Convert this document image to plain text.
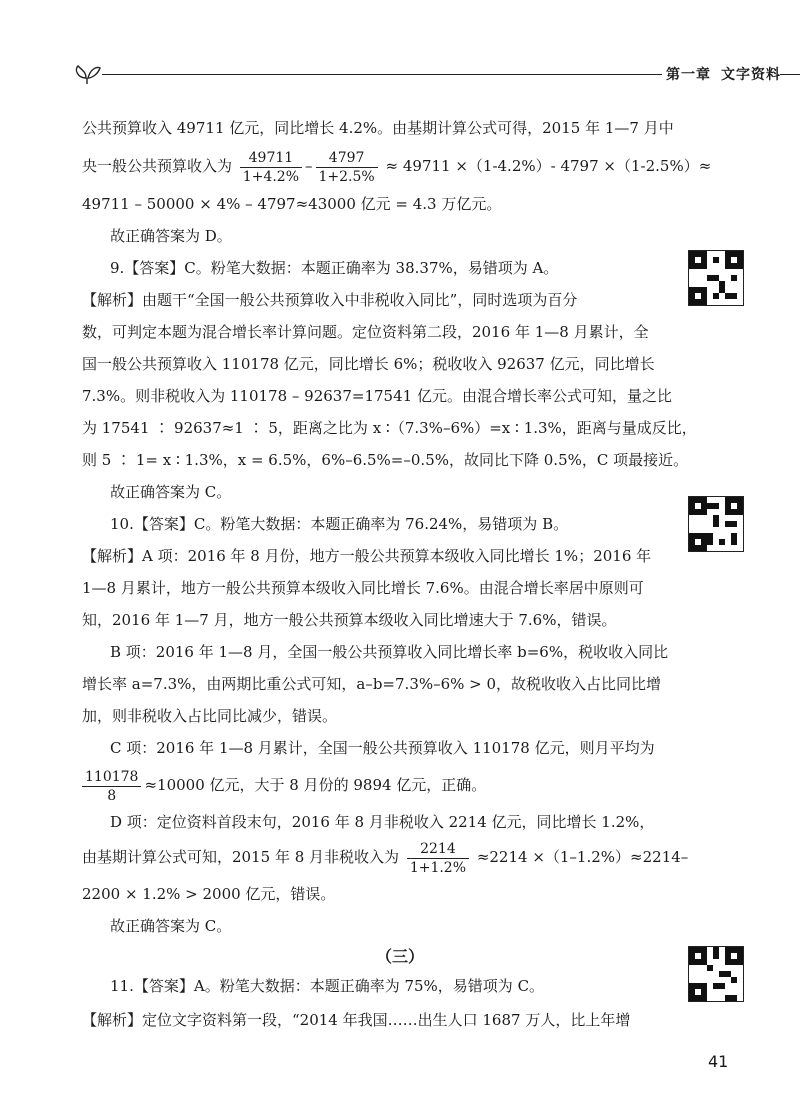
第一章 文字资料
公共预算收入 49711 亿元，同比增长 4.2%。由基期计算公式可得，2015 年 1—7 月中
央一般公共预算收入为 $\frac{49711}{1+4.2\%} - \frac{4797}{1+2.5\%} \approx 49711 \times(1-4.2\%)-$ 4797 ×（1-2.5%）≈
49711 – 50000 × 4% – 4797≈43000 亿元 = 4.3 万亿元。
故正确答案为 D。
9.【答案】C。粉笔大数据：本题正确率为 38.37%，易错项为 A。
【解析】由题干“全国一般公共预算收入中非税收入同比”，同时选项为百分
数，可判定本题为混合增长率计算问题。定位资料第二段，2016 年 1—8 月累计，全
国一般公共预算收入 110178 亿元，同比增长 6%；税收收入 92637 亿元，同比增长
7.3%。则非税收入为 110178 – 92637=17541 亿元。由混合增长率公式可知，量之比
为 17541 ∶ 92637≈1 ∶ 5，距离之比为 x ∶（7.3%–6%）=x ∶ 1.3%，距离与量成反比，
则 5 ∶ 1= x ∶ 1.3%，x = 6.5%，6%–6.5%=–0.5%，故同比下降 0.5%，C 项最接近。
故正确答案为 C。
10.【答案】C。粉笔大数据：本题正确率为 76.24%，易错项为 B。
【解析】A 项：2016 年 8 月份，地方一般公共预算本级收入同比增长 1%；2016 年
1—8 月累计，地方一般公共预算本级收入同比增长 7.6%。由混合增长率居中原则可
知，2016 年 1—7 月，地方一般公共预算本级收入同比增速大于 7.6%，错误。
B 项：2016 年 1—8 月，全国一般公共预算收入同比增长率 b=6%，税收收入同比
增长率 a=7.3%，由两期比重公式可知，a–b=7.3%–6% > 0，故税收收入占比同比增
加，则非税收入占比同比减少，错误。
C 项：2016 年 1—8 月累计，全国一般公共预算收入 110178 亿元，则月平均为
$\frac{110178}{8} \approx 10000$ 亿元，大于 8 月份的 9894 亿元，正确。
D 项：定位资料首段末句，2016 年 8 月非税收入 2214 亿元，同比增长 1.2%，
由基期计算公式可知，2015 年 8 月非税收入为 $\frac{2214}{1+1.2\%} \approx 2214 \times(1-1.2\%)\approx 2214-$
2200 × 1.2% > 2000 亿元，错误。
故正确答案为 C。
（三）
11.【答案】A。粉笔大数据：本题正确率为 75%，易错项为 C。
【解析】定位文字资料第一段，“2014 年我国……出生人口 1687 万人，比上年增
41
